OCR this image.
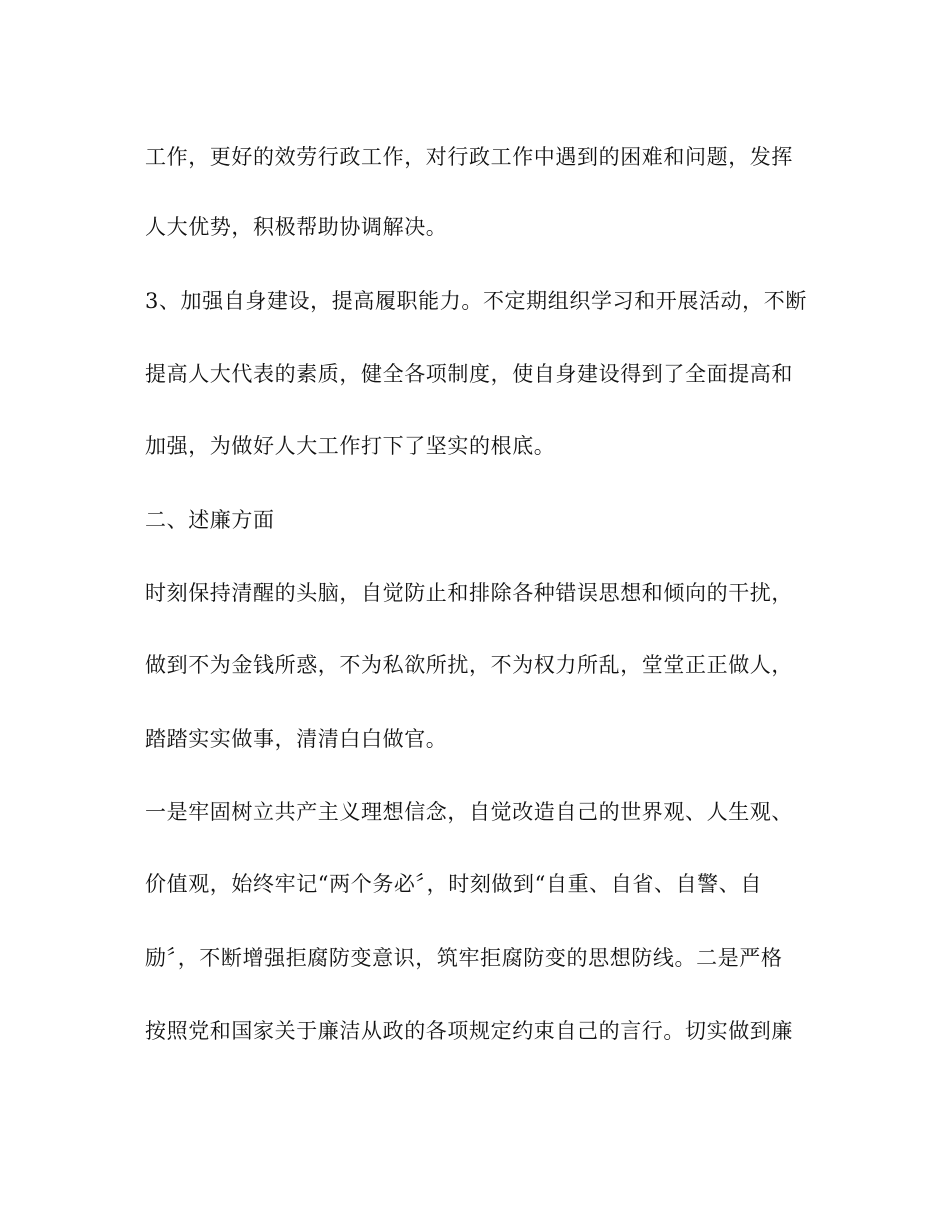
工作，更好的效劳行政工作，对行政工作中遇到的困难和问题，发挥
人大优势，积极帮助协调解决。
3、加强自身建设，提高履职能力。不定期组织学习和开展活动，不断
提高人大代表的素质，健全各项制度，使自身建设得到了全面提高和
加强，为做好人大工作打下了坚实的根底。
二、述廉方面
时刻保持清醒的头脑，自觉防止和排除各种错误思想和倾向的干扰，
做到不为金钱所惑，不为私欲所扰，不为权力所乱，堂堂正正做人，
踏踏实实做事，清清白白做官。
一是牢固树立共产主义理想信念，自觉改造自己的世界观、人生观、
价值观，始终牢记“两个务必〞，时刻做到“自重、自省、自警、自
励〞，不断增强拒腐防变意识，筑牢拒腐防变的思想防线。二是严格
按照党和国家关于廉洁从政的各项规定约束自己的言行。切实做到廉
